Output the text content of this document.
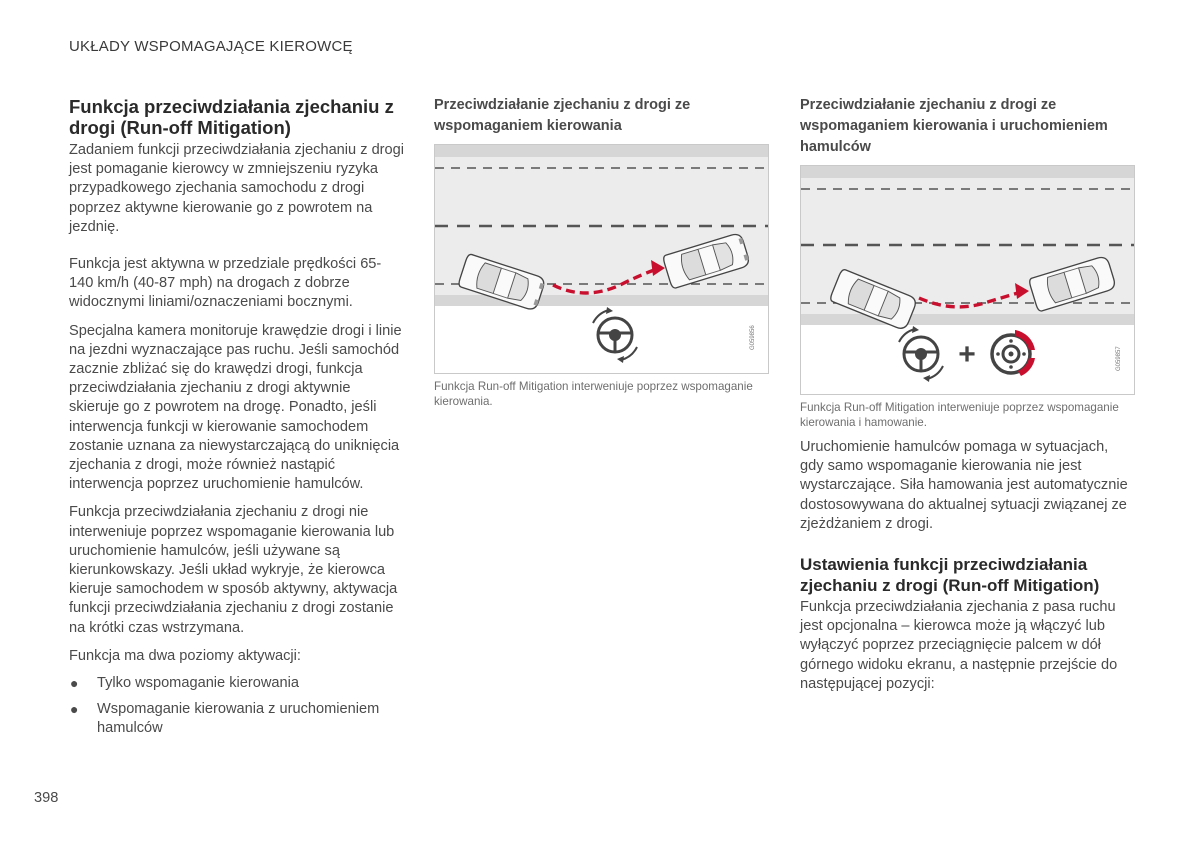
UKŁADY WSPOMAGAJĄCE KIEROWCĘ
Funkcja przeciwdziałania zjechaniu z drogi (Run-off Mitigation)

Zadaniem funkcji przeciwdziałania zjechaniu z drogi jest pomaganie kierowcy w zmniejszeniu ryzyka przypadkowego zjechania samochodu z drogi poprzez aktywne kierowanie go z powrotem na jezdnię.

Funkcja jest aktywna w przedziale prędkości 65-140 km/h (40-87 mph) na drogach z dobrze widocznymi liniami/oznaczeniami bocznymi.

Specjalna kamera monitoruje krawędzie drogi i linie na jezdni wyznaczające pas ruchu. Jeśli samochód zacznie zbliżać się do krawędzi drogi, funkcja przeciwdziałania zjechaniu z drogi aktywnie skieruje go z powrotem na drogę. Ponadto, jeśli interwencja funkcji w kierowanie samochodem zostanie uznana za niewystarczającą do uniknięcia zjechania z drogi, może również nastąpić interwencja poprzez uruchomienie hamulców.

Funkcja przeciwdziałania zjechaniu z drogi nie interweniuje poprzez wspomaganie kierowania lub uruchomienie hamulców, jeśli używane są kierunkowskazy. Jeśli układ wykryje, że kierowca kieruje samochodem w sposób aktywny, aktywacja funkcji przeciwdziałania zjechaniu z drogi zostanie na krótki czas wstrzymana.

Funkcja ma dwa poziomy aktywacji:

● Tylko wspomaganie kierowania
● Wspomaganie kierowania z uruchomieniem hamulców
Przeciwdziałanie zjechaniu z drogi ze wspomaganiem kierowania
G059856
Funkcja Run-off Mitigation interweniuje poprzez wspomaganie kierowania.
Przeciwdziałanie zjechaniu z drogi ze wspomaganiem kierowania i uruchomieniem hamulców
+	G059857
Funkcja Run-off Mitigation interweniuje poprzez wspomaganie kierowania i hamowanie.

Uruchomienie hamulców pomaga w sytuacjach, gdy samo wspomaganie kierowania nie jest wystarczające. Siła hamowania jest automatycznie dostosowywana do aktualnej sytuacji związanej ze zjeżdżaniem z drogi.

Ustawienia funkcji przeciwdziałania zjechaniu z drogi (Run-off Mitigation)

Funkcja przeciwdziałania zjechania z pasa ruchu jest opcjonalna – kierowca może ją włączyć lub wyłączyć poprzez przeciągnięcie palcem w dół górnego widoku ekranu, a następnie przejście do następującej pozycji:

398
